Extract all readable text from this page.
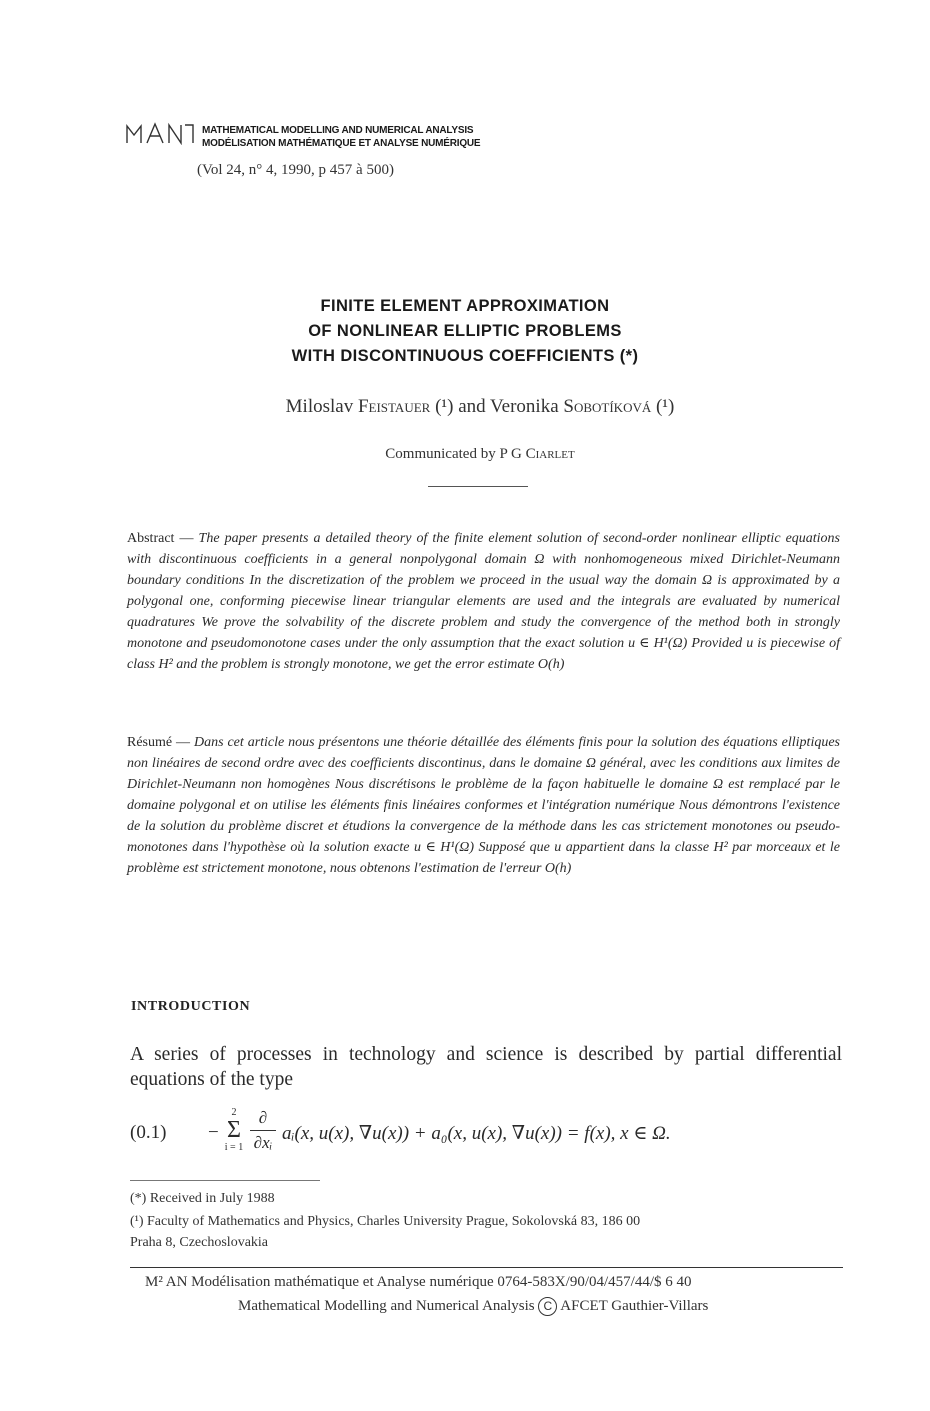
MATHEMATICAL MODELLING AND NUMERICAL ANALYSIS
MODÉLISATION MATHÉMATIQUE ET ANALYSE NUMÉRIQUE
(Vol 24, n° 4, 1990, p 457 à 500)
FINITE ELEMENT APPROXIMATION
OF NONLINEAR ELLIPTIC PROBLEMS
WITH DISCONTINUOUS COEFFICIENTS (*)
Miloslav Feistauer (¹) and Veronika Sobotíková (¹)
Communicated by P G Ciarlet
Abstract — The paper presents a detailed theory of the finite element solution of second-order nonlinear elliptic equations with discontinuous coefficients in a general nonpolygonal domain Ω with nonhomogeneous mixed Dirichlet-Neumann boundary conditions In the discretization of the problem we proceed in the usual way the domain Ω is approximated by a polygonal one, conforming piecewise linear triangular elements are used and the integrals are evaluated by numerical quadratures We prove the solvability of the discrete problem and study the convergence of the method both in strongly monotone and pseudomonotone cases under the only assumption that the exact solution u ∈ H¹(Ω) Provided u is piecewise of class H² and the problem is strongly monotone, we get the error estimate O(h)
Résumé — Dans cet article nous présentons une théorie détaillée des éléments finis pour la solution des équations elliptiques non linéaires de second ordre avec des coefficients discontinus, dans le domaine Ω général, avec les conditions aux limites de Dirichlet-Neumann non homogènes Nous discrétisons le problème de la façon habituelle le domaine Ω est remplacé par le domaine polygonal et on utilise les éléments finis linéaires conformes et l'intégration numérique Nous démontrons l'existence de la solution du problème discret et étudions la convergence de la méthode dans les cas strictement monotones ou pseudo-monotones dans l'hypothèse où la solution exacte u ∈ H¹(Ω) Supposé que u appartient dans la classe H² par morceaux et le problème est strictement monotone, nous obtenons l'estimation de l'erreur O(h)
INTRODUCTION
A series of processes in technology and science is described by partial differential equations of the type
(0.1) −
2
Σ
i = 1
∂
∂xᵢ aᵢ(x, u(x), ∇u(x)) + a₀(x, u(x), ∇u(x)) = f(x), x ∈ Ω.
(*) Received in July 1988
(¹) Faculty of Mathematics and Physics, Charles University Prague, Sokolovská 83, 186 00
Praha 8, Czechoslovakia
M² AN Modélisation mathématique et Analyse numérique 0764-583X/90/04/457/44/$ 6 40
Mathematical Modelling and Numerical Analysis C AFCET Gauthier-Villars
